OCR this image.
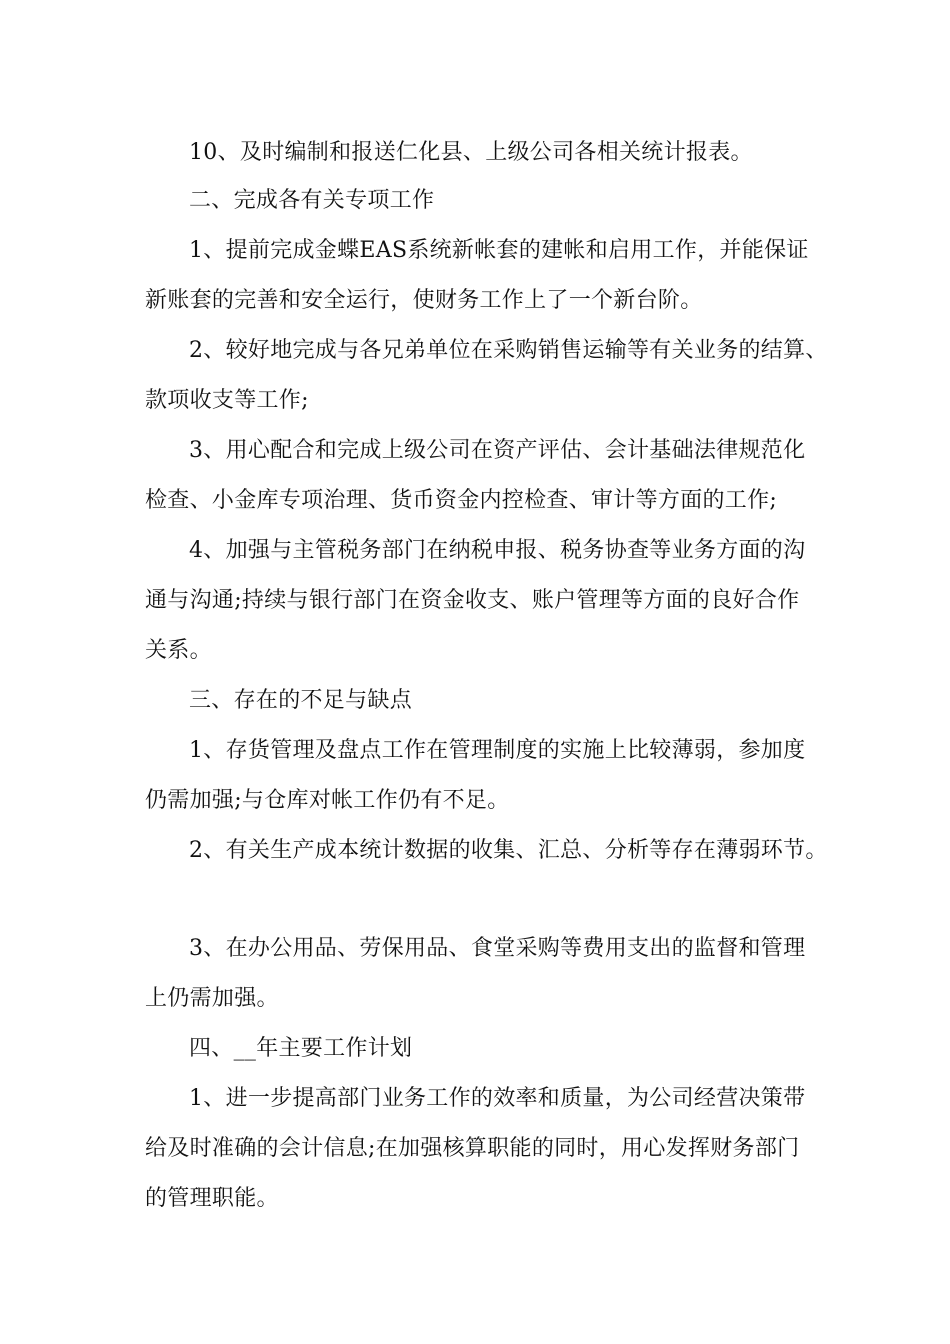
10、及时编制和报送仁化县、上级公司各相关统计报表。
二、完成各有关专项工作
1、提前完成金蝶EAS系统新帐套的建帐和启用工作，并能保证
新账套的完善和安全运行，使财务工作上了一个新台阶。
2、较好地完成与各兄弟单位在采购销售运输等有关业务的结算、
款项收支等工作;
3、用心配合和完成上级公司在资产评估、会计基础法律规范化
检查、小金库专项治理、货币资金内控检查、审计等方面的工作;
4、加强与主管税务部门在纳税申报、税务协查等业务方面的沟
通与沟通;持续与银行部门在资金收支、账户管理等方面的良好合作
关系。
三、存在的不足与缺点
1、存货管理及盘点工作在管理制度的实施上比较薄弱，参加度
仍需加强;与仓库对帐工作仍有不足。
2、有关生产成本统计数据的收集、汇总、分析等存在薄弱环节。
3、在办公用品、劳保用品、食堂采购等费用支出的监督和管理
上仍需加强。
四、__年主要工作计划
1、进一步提高部门业务工作的效率和质量，为公司经营决策带
给及时准确的会计信息;在加强核算职能的同时，用心发挥财务部门
的管理职能。
